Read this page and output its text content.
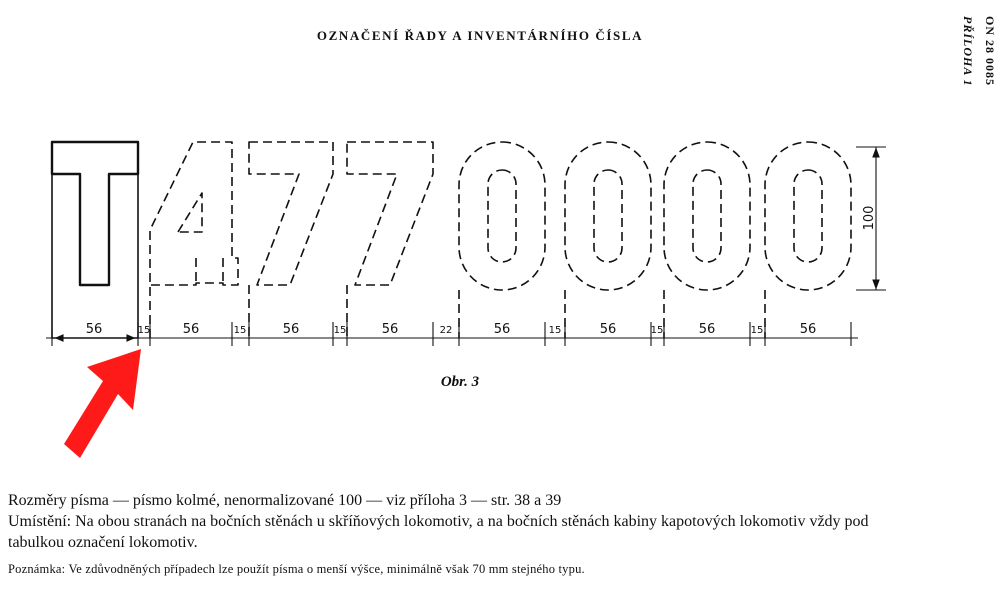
OZNAČENÍ ŘADY A INVENTÁRNÍHO ČÍSLA	ON 28 0085
PŘÍLOHA 1
56	15 56	15	56	15	56	22	56	15	56	15	56	15	56
100
Obr. 3

Rozměry písma — písmo kolmé, nenormalizované 100 — viz příloha 3 — str. 38 a 39

Umístění: Na obou stranách na bočních stěnách u skříňových lokomotiv, a na bočních stěnách kabiny kapotových lokomotiv vždy pod tabulkou označení lokomotiv.

Poznámka: Ve zdůvodněných případech lze použít písma o menší výšce, minimálně však 70 mm stejného typu.
